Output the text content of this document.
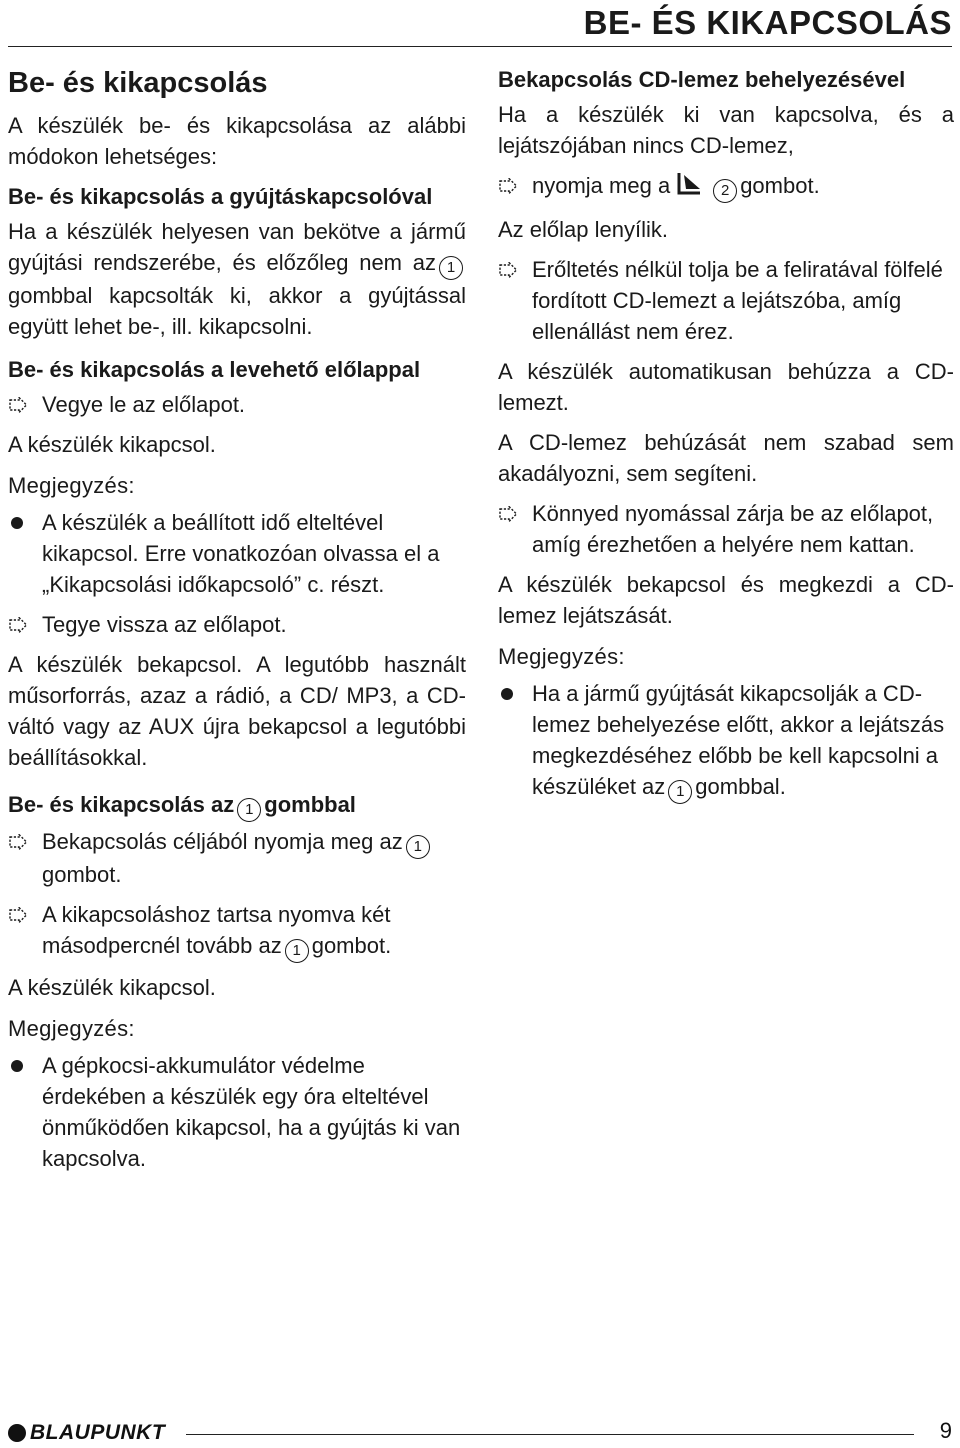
BE- ÉS KIKAPCSOLÁS
Be- és kikapcsolás
A készülék be- és kikapcsolása az alábbi módokon lehetséges:
Be- és kikapcsolás a gyújtáskapcsolóval
Ha a készülék helyesen van bekötve a jármű gyújtási rendszerébe, és előzőleg nem az 1gombbal kapcsolták ki, akkor a gyújtással együtt lehet be-, ill. kikapcsolni.
Be- és kikapcsolás a levehető előlappal
Vegye le az előlapot.
A készülék kikapcsol.
Megjegyzés:
A készülék a beállított idő elteltével kikapcsol. Erre vonatkozóan olvassa el a „Kikapcsolási időkapcsoló” c. részt.
Tegye vissza az előlapot.
A készülék bekapcsol. A legutóbb használt műsorforrás, azaz a rádió, a CD/ MP3, a CD-váltó vagy az AUX újra bekapcsol a legutóbbi beállításokkal.
Be- és kikapcsolás az 1 gombbal
Bekapcsolás céljából nyomja meg az 1gombot.
A kikapcsoláshoz tartsa nyomva két másodpercnél tovább az 1 gombot.
A készülék kikapcsol.
Megjegyzés:
A gépkocsi-akkumulátor védelme érdekében a készülék egy óra elteltével önműködően kikapcsol, ha a gyújtás ki van kapcsolva.
Bekapcsolás CD-lemez behelyezésével
Ha a készülék ki van kapcsolva, és a lejátszójában nincs CD-lemez,
nyomja meg a	2 gombot.
Az előlap lenyílik.
Erőltetés nélkül tolja be a feliratával fölfelé fordított CD-lemezt a lejátszóba, amíg ellenállást nem érez.
A készülék automatikusan behúzza a CD-lemezt.
A CD-lemez behúzását nem szabad sem akadályozni, sem segíteni.
Könnyed nyomással zárja be az előlapot, amíg érezhetően a helyére nem kattan.
A készülék bekapcsol és megkezdi a CD-lemez lejátszását.
Megjegyzés:
Ha a jármű gyújtását kikapcsolják a CD-lemez behelyezése előtt, akkor a lejátszás megkezdéséhez előbb be kell kapcsolni a készüléket az 1 gombbal.
BLAUPUNKT	9
